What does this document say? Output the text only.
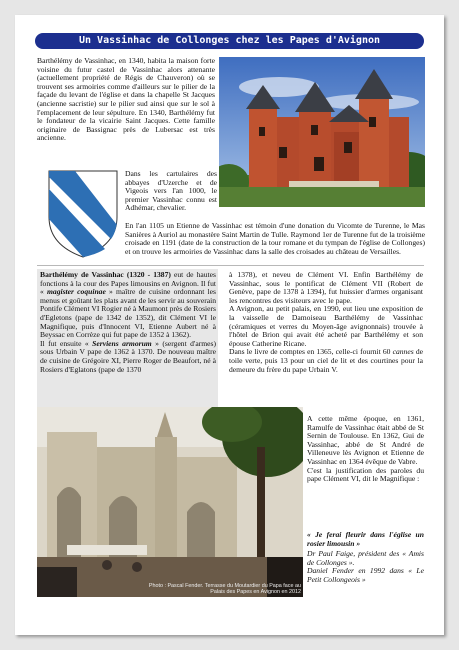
Un Vassinhac de Collonges chez les Papes d'Avignon

Barthélémy de Vassinhac, en 1340, habita la maison forte voisine du futur castel de Vassinhac alors attenante (actuellement propriété de Régis de Chauveron) où se trouvent ses armoiries comme d'ailleurs sur le pilier de la façade du levant de l'église et dans la chapelle St Jacques (ancienne sacristie) sur le pilier sud ainsi que sur le sol à l'emplacement de leur sépulture. En 1340, Barthélémy fut le fondateur de la vicairie Saint Jacques. Cette famille originaire de Bassignac près de Lubersac est très ancienne.

Dans les cartulaires des abbayes d'Uzerche et de Vigeois vers l'an 1000, le premier Vassinhac connu est Adhémar, chevalier.

En l'an 1105 un Etienne de Vassinhac est témoin d'une donation du Vicomte de Turenne, le Mas Sanières à Auriol au monastère Saint Martin de Tulle. Raymond 1er de Turenne fut de la troisième croisade en 1191 (date de la construction de la tour romane et du tympan de l'église de Collonges) et on trouve les armoiries de Vassinhac dans la salle des croisades au château de Versailles.

Barthélémy de Vassinhac (1320 - 1387) eut de hautes fonctions à la cour des Papes limousins en Avignon. Il fut « magister coquinae » maître de cuisine ordonnant les menus et goûtant les plats avant de les servir au souverain Pontife Clément VI Rogier né à Maumont près de Rosiers d'Egletons (pape de 1342 de 1352), dit Clément VI le Magnifique, puis d'Innocent VI, Etienne Aubert né à Beyssac en Corrèze qui fut pape de 1352 à 1362).

Il fut ensuite « Serviens armorum » (sergent d'armes) sous Urbain V pape de 1362 à 1370. De nouveau maître de cuisine de Grégoire XI, Pierre Roger de Beaufort, né à Rosiers d'Eglatons (pape de 1370

à 1378), et neveu de Clément VI. Enfin Barthélémy de Vassinhac, sous le pontificat de Clément VII (Robert de Genève, pape de 1378 à 1394), fut huissier d'armes organisant les rencontres des visiteurs avec le pape.

A Avignon, au petit palais, en 1990, eut lieu une exposition de la vaisselle de Damoiseau Barthélémy de Vassinhac (céramiques et verres du Moyen-âge avignonnais) trouvée à l'hôtel de Brion qui avait été acheté par Barthélémy et son épouse Catherine Ricane.

Dans le livre de comptes en 1365, celle-ci fournit 60 cannes de toile verte, puis 13 pour un ciel de lit et des courtines pour la demeure du frère du pape Urbain V.

Photo : Pascal Fender. Terrasse du Moutardier du Papa face au Palais des Papes en Avignon en 2012

A cette même époque, en 1361, Ramulfe de Vassinhac était abbé de St Sernin de Toulouse. En 1362, Gui de Vassinhac, abbé de St André de Villeneuve lès Avignon et Etienne de Vassinhac en 1364 évêque de Vabre.

C'est la justification des paroles du pape Clément VI, dit le Magnifique :

« Je ferai fleurir dans l'église un rosier limousin »

Dr Paul Faige, président des « Amis de Collonges ».

Daniel Fender en 1992 dans « Le Petit Collongeois »
